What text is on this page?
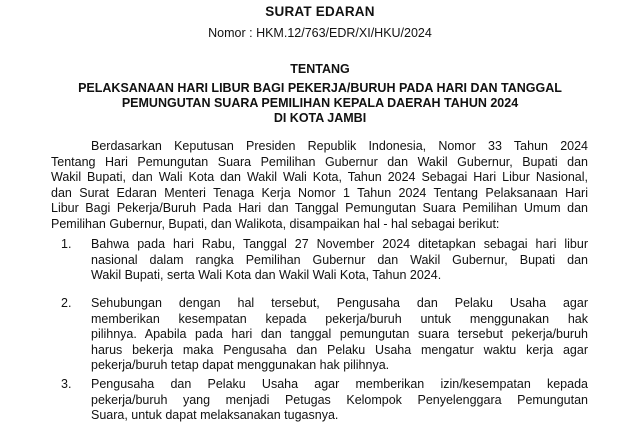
SURAT EDARAN
Nomor : HKM.12/763/EDR/XI/HKU/2024
TENTANG
PELAKSANAAN HARI LIBUR BAGI PEKERJA/BURUH PADA HARI DAN TANGGAL
PEMUNGUTAN SUARA PEMILIHAN KEPALA DAERAH TAHUN 2024
DI KOTA JAMBI
Berdasarkan Keputusan Presiden Republik Indonesia, Nomor 33 Tahun 2024
Tentang Hari Pemungutan Suara Pemilihan Gubernur dan Wakil Gubernur, Bupati dan
Wakil Bupati, dan Wali Kota dan Wakil Wali Kota, Tahun 2024 Sebagai Hari Libur Nasional,
dan Surat Edaran Menteri Tenaga Kerja Nomor 1 Tahun 2024 Tentang Pelaksanaan Hari
Libur Bagi Pekerja/Buruh Pada Hari dan Tanggal Pemungutan Suara Pemilihan Umum dan
Pemilihan Gubernur, Bupati, dan Walikota, disampaikan hal - hal sebagai berikut:
1. Bahwa pada hari Rabu, Tanggal 27 November 2024 ditetapkan sebagai hari libur
nasional dalam rangka Pemilihan Gubernur dan Wakil Gubernur, Bupati dan
Wakil Bupati, serta Wali Kota dan Wakil Wali Kota, Tahun 2024.
2. Sehubungan dengan hal tersebut, Pengusaha dan Pelaku Usaha agar
memberikan kesempatan kepada pekerja/buruh untuk menggunakan hak
pilihnya. Apabila pada hari dan tanggal pemungutan suara tersebut pekerja/buruh
harus bekerja maka Pengusaha dan Pelaku Usaha mengatur waktu kerja agar
pekerja/buruh tetap dapat menggunakan hak pilihnya.
3. Pengusaha dan Pelaku Usaha agar memberikan izin/kesempatan kepada
pekerja/buruh yang menjadi Petugas Kelompok Penyelenggara Pemungutan
Suara, untuk dapat melaksanakan tugasnya.
